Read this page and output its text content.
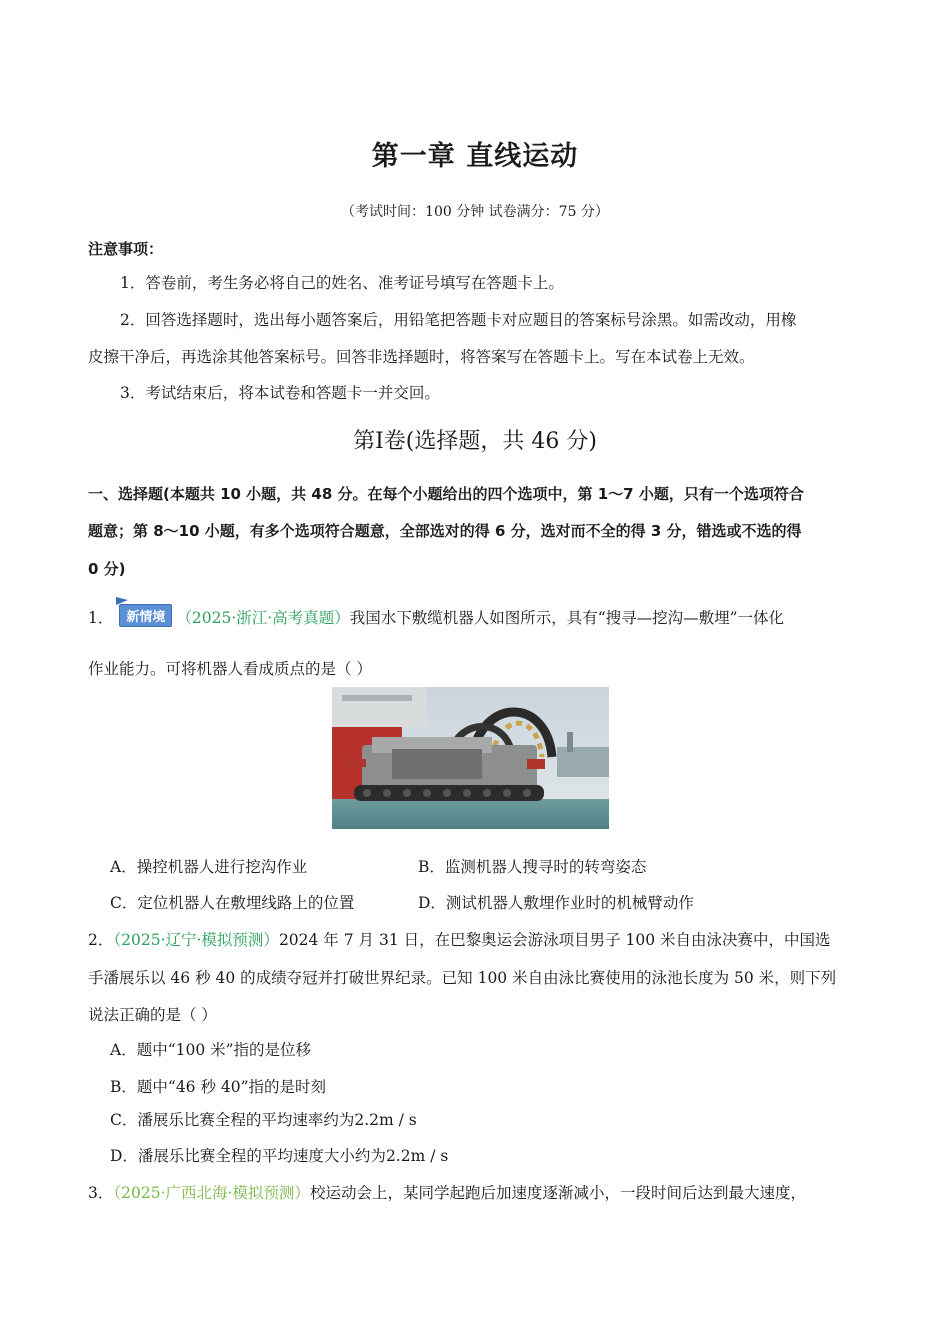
第一章 直线运动
（考试时间：100 分钟 试卷满分：75 分）
注意事项：
1．答卷前，考生务必将自己的姓名、准考证号填写在答题卡上。
2．回答选择题时，选出每小题答案后，用铅笔把答题卡对应题目的答案标号涂黑。如需改动，用橡
皮擦干净后，再选涂其他答案标号。回答非选择题时，将答案写在答题卡上。写在本试卷上无效。
3．考试结束后，将本试卷和答题卡一并交回。
第Ⅰ卷(选择题，共 46 分)
一、选择题(本题共 10 小题，共 48 分。在每个小题给出的四个选项中，第 1～7 小题，只有一个选项符合
题意；第 8～10 小题，有多个选项符合题意，全部选对的得 6 分，选对而不全的得 3 分，错选或不选的得
0 分)
1． 新情境 （2025·浙江·高考真题）我国水下敷缆机器人如图所示，具有“搜寻—挖沟—敷埋”一体化
作业能力。可将机器人看成质点的是（ ）
A．操控机器人进行挖沟作业	B．监测机器人搜寻时的转弯姿态
C．定位机器人在敷埋线路上的位置	D．测试机器人敷埋作业时的机械臂动作
2．（2025·辽宁·模拟预测）2024 年 7 月 31 日，在巴黎奥运会游泳项目男子 100 米自由泳决赛中，中国选
手潘展乐以 46 秒 40 的成绩夺冠并打破世界纪录。已知 100 米自由泳比赛使用的泳池长度为 50 米，则下列
说法正确的是（ ）
A．题中“100 米”指的是位移
B．题中“46 秒 40”指的是时刻
C．潘展乐比赛全程的平均速率约为2.2m / s
D．潘展乐比赛全程的平均速度大小约为2.2m / s
3．（2025·广西北海·模拟预测）校运动会上，某同学起跑后加速度逐渐减小，一段时间后达到最大速度，
